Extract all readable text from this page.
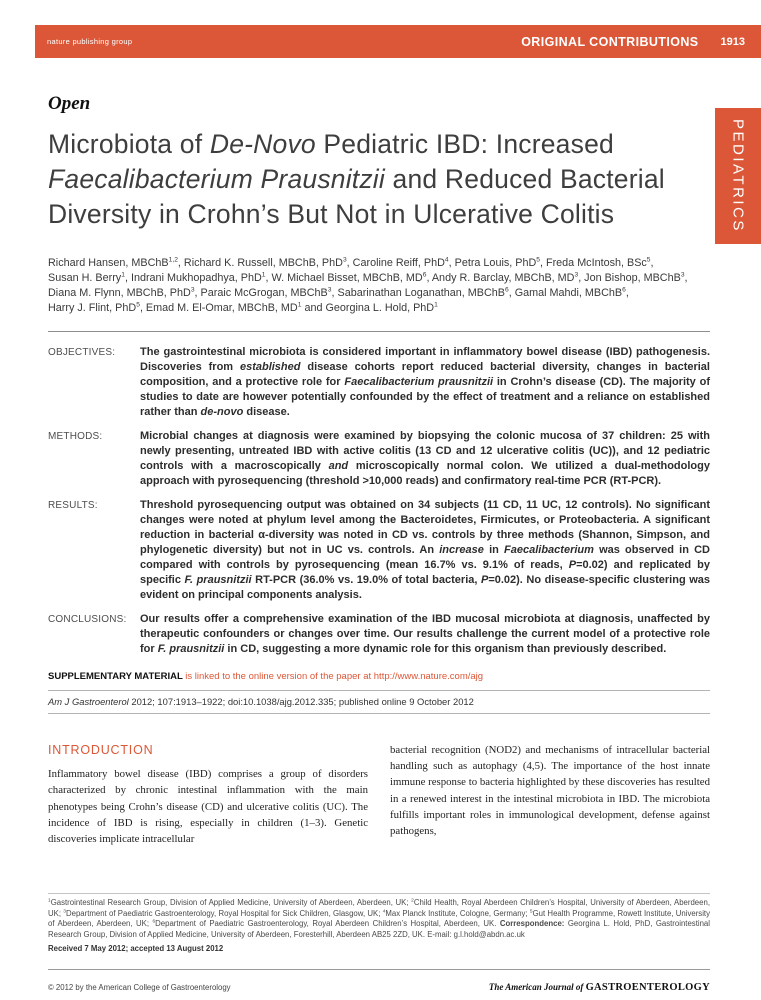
nature publishing group	ORIGINAL CONTRIBUTIONS 1913
PEDIATRICS
Open
Microbiota of De-Novo Pediatric IBD: Increased
Faecalibacterium Prausnitzii and Reduced Bacterial
Diversity in Crohn’s But Not in Ulcerative Colitis
Richard Hansen, MBChB$^{1,2}$, Richard K. Russell, MBChB, PhD$^3$, Caroline Reiff, PhD$^4$, Petra Louis, PhD$^5$, Freda McIntosh, BSc$^5$,
Susan H. Berry$^1$, Indrani Mukhopadhya, PhD$^1$, W. Michael Bisset, MBChB, $MD^6$, Andy R. Barclay, MBChB, $MD^3$, Jon Bishop, MBChB$^3$,
Diana M. Flynn, MBChB, PhD$^3$, Paraic McGrogan, MBChB$^3$, Sabarinathan Loganathan, MBChB$^6$, Gamal Mahdi, MBChB$^6$,
Harry J. Flint, PhD$^5$, Emad M. El-Omar, MBChB, $MD^1$ and Georgina L. Hold, PhD$^1$
OBJECTIVES:	The gastrointestinal microbiota is considered important in inflammatory bowel disease (IBD) pathogenesis. Discoveries from established disease cohorts report reduced bacterial diversity, changes in bacterial composition, and a protective role for Faecalibacterium prausnitzii in Crohn’s disease (CD). The majority of studies to date are however potentially confounded by the effect of treatment and a reliance on established rather than de-novo disease.
METHODS:	Microbial changes at diagnosis were examined by biopsying the colonic mucosa of 37 children: 25 with newly presenting, untreated IBD with active colitis (13 CD and 12 ulcerative colitis (UC)), and 12 pediatric controls with a macroscopically and microscopically normal colon. We utilized a dual-methodology approach with pyrosequencing (threshold >10,000 reads) and confirmatory real-time PCR (RT-PCR).
RESULTS:	Threshold pyrosequencing output was obtained on 34 subjects (11 CD, 11 UC, 12 controls). No significant changes were noted at phylum level among the Bacteroidetes, Firmicutes, or Proteobacteria. A significant reduction in bacterial α-diversity was noted in CD vs. controls by three methods (Shannon, Simpson, and phylogenetic diversity) but not in UC vs. controls. An increase in Faecalibacterium was observed in CD compared with controls by pyrosequencing (mean 16.7% vs. 9.1% of reads, P=0.02) and replicated by specific F. prausnitzii RT-PCR (36.0% vs. 19.0% of total bacteria, P=0.02). No disease-specific clustering was evident on principal components analysis.
CONCLUSIONS:	Our results offer a comprehensive examination of the IBD mucosal microbiota at diagnosis, unaffected by therapeutic confounders or changes over time. Our results challenge the current model of a protective role for F. prausnitzii in CD, suggesting a more dynamic role for this organism than previously described.
SUPPLEMENTARY MATERIAL is linked to the online version of the paper at http://www.nature.com/ajg
Am J Gastroenterol 2012; 107:1913–1922; doi:10.1038/ajg.2012.335; published online 9 October 2012
INTRODUCTION
Inflammatory bowel disease (IBD) comprises a group of disorders characterized by chronic intestinal inflammation with the main phenotypes being Crohn’s disease (CD) and ulcerative colitis (UC). The incidence of IBD is rising, especially in children (1–3). Genetic discoveries implicate intracellular
bacterial recognition (NOD2) and mechanisms of intracellular bacterial handling such as autophagy (4,5). The importance of the host innate immune response to bacteria highlighted by these discoveries has resulted in a renewed interest in the intestinal microbiota in IBD. The microbiota fulfills important roles in immunological development, defense against pathogens,
$^1$Gastrointestinal Research Group, Division of Applied Medicine, University of Aberdeen, Aberdeen, UK; $^2$Child Health, Royal Aberdeen Children’s Hospital, University of Aberdeen, Aberdeen, UK; $^3$Department of Paediatric Gastroenterology, Royal Hospital for Sick Children, Glasgow, UK; $^4$Max Planck Institute, Cologne, Germany; $^5$Gut Health Programme, Rowett Institute, University of Aberdeen, Aberdeen, UK; $^6$Department of Paediatric Gastroenterology, Royal Aberdeen Children’s Hospital, Aberdeen, UK. Correspondence: Georgina L. Hold, PhD, Gastrointestinal Research Group, Division of Applied Medicine, University of Aberdeen, Foresterhill, Aberdeen AB25 2ZD, UK. E-mail: g.l.hold@abdn.ac.uk
Received 7 May 2012; accepted 13 August 2012
© 2012 by the American College of Gastroenterology	The American Journal of GASTROENTEROLOGY
